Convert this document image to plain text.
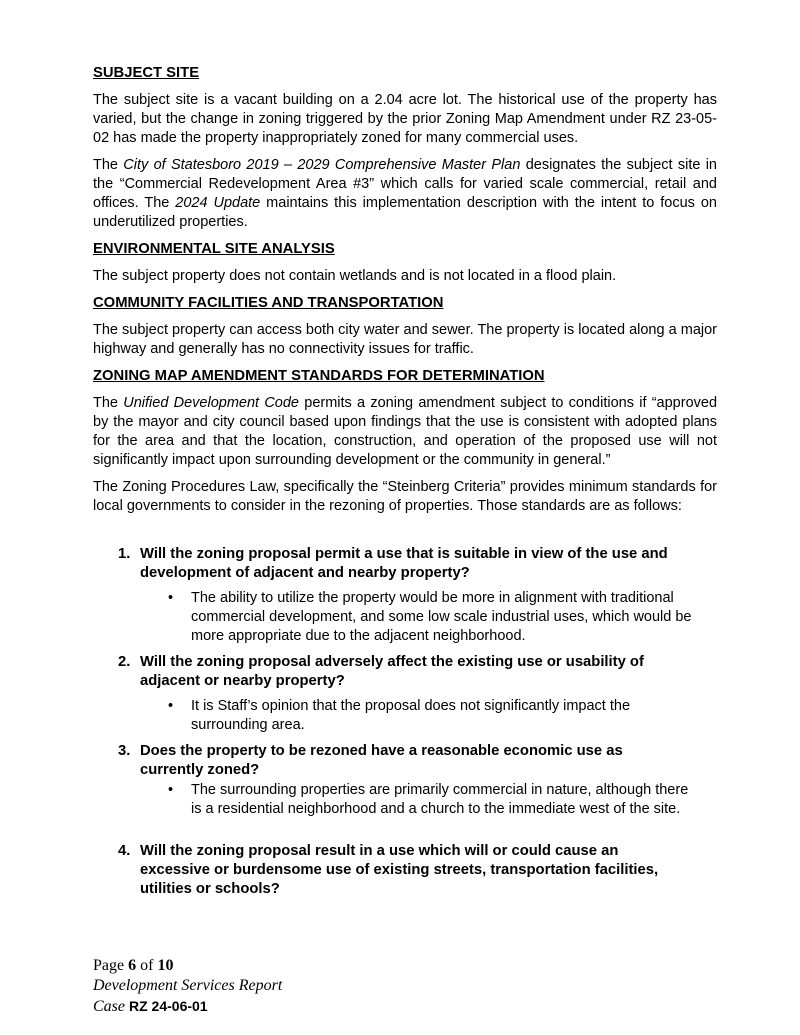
SUBJECT SITE

The subject site is a vacant building on a 2.04 acre lot. The historical use of the property has varied, but the change in zoning triggered by the prior Zoning Map Amendment under RZ 23-05-02 has made the property inappropriately zoned for many commercial uses.

The City of Statesboro 2019 – 2029 Comprehensive Master Plan designates the subject site in the “Commercial Redevelopment Area #3” which calls for varied scale commercial, retail and offices. The 2024 Update maintains this implementation description with the intent to focus on underutilized properties.

ENVIRONMENTAL SITE ANALYSIS

The subject property does not contain wetlands and is not located in a flood plain.

COMMUNITY FACILITIES AND TRANSPORTATION

The subject property can access both city water and sewer. The property is located along a major highway and generally has no connectivity issues for traffic.

ZONING MAP AMENDMENT STANDARDS FOR DETERMINATION

The Unified Development Code permits a zoning amendment subject to conditions if “approved by the mayor and city council based upon findings that the use is consistent with adopted plans for the area and that the location, construction, and operation of the proposed use will not significantly impact upon surrounding development or the community in general.”

The Zoning Procedures Law, specifically the “Steinberg Criteria” provides minimum standards for local governments to consider in the rezoning of properties. Those standards are as follows:

1. Will the zoning proposal permit a use that is suitable in view of the use and development of adjacent and nearby property?
•	The ability to utilize the property would be more in alignment with traditional commercial development, and some low scale industrial uses, which would be more appropriate due to the adjacent neighborhood.
2. Will the zoning proposal adversely affect the existing use or usability of adjacent or nearby property?
•	It is Staff’s opinion that the proposal does not significantly impact the surrounding area.
3. Does the property to be rezoned have a reasonable economic use as currently zoned?
•	The surrounding properties are primarily commercial in nature, although there is a residential neighborhood and a church to the immediate west of the site.
4. Will the zoning proposal result in a use which will or could cause an excessive or burdensome use of existing streets, transportation facilities, utilities or schools?
Page 6 of 10
Development Services Report
Case RZ 24-06-01
